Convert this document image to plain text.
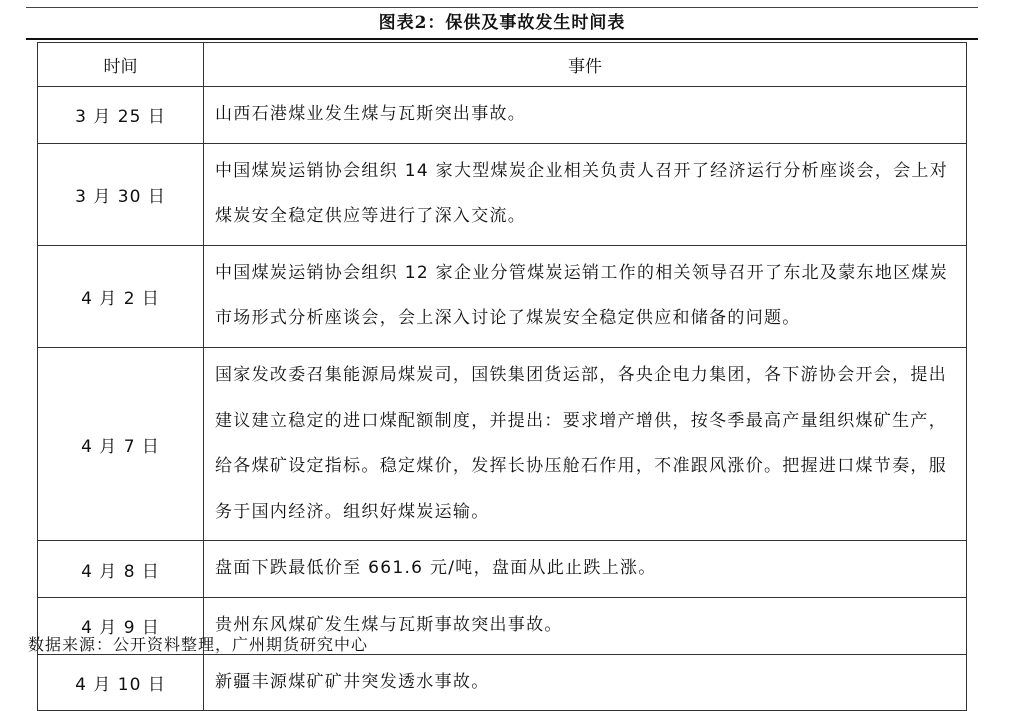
图表2：保供及事故发生时间表
时间	事件
3 月 25 日	山西石港煤业发生煤与瓦斯突出事故。
3 月 30 日	中国煤炭运销协会组织 14 家大型煤炭企业相关负责人召开了经济运行分析座谈会，会上对煤炭安全稳定供应等进行了深入交流。
4 月 2 日	中国煤炭运销协会组织 12 家企业分管煤炭运销工作的相关领导召开了东北及蒙东地区煤炭市场形式分析座谈会，会上深入讨论了煤炭安全稳定供应和储备的问题。
4 月 7 日	国家发改委召集能源局煤炭司，国铁集团货运部，各央企电力集团，各下游协会开会，提出建议建立稳定的进口煤配额制度，并提出：要求增产增供，按冬季最高产量组织煤矿生产，给各煤矿设定指标。稳定煤价，发挥长协压舱石作用，不准跟风涨价。把握进口煤节奏，服务于国内经济。组织好煤炭运输。
4 月 8 日	盘面下跌最低价至 661.6 元/吨，盘面从此止跌上涨。
4 月 9 日	贵州东风煤矿发生煤与瓦斯事故突出事故。
4 月 10 日	新疆丰源煤矿矿井突发透水事故。
数据来源：公开资料整理，广州期货研究中心
